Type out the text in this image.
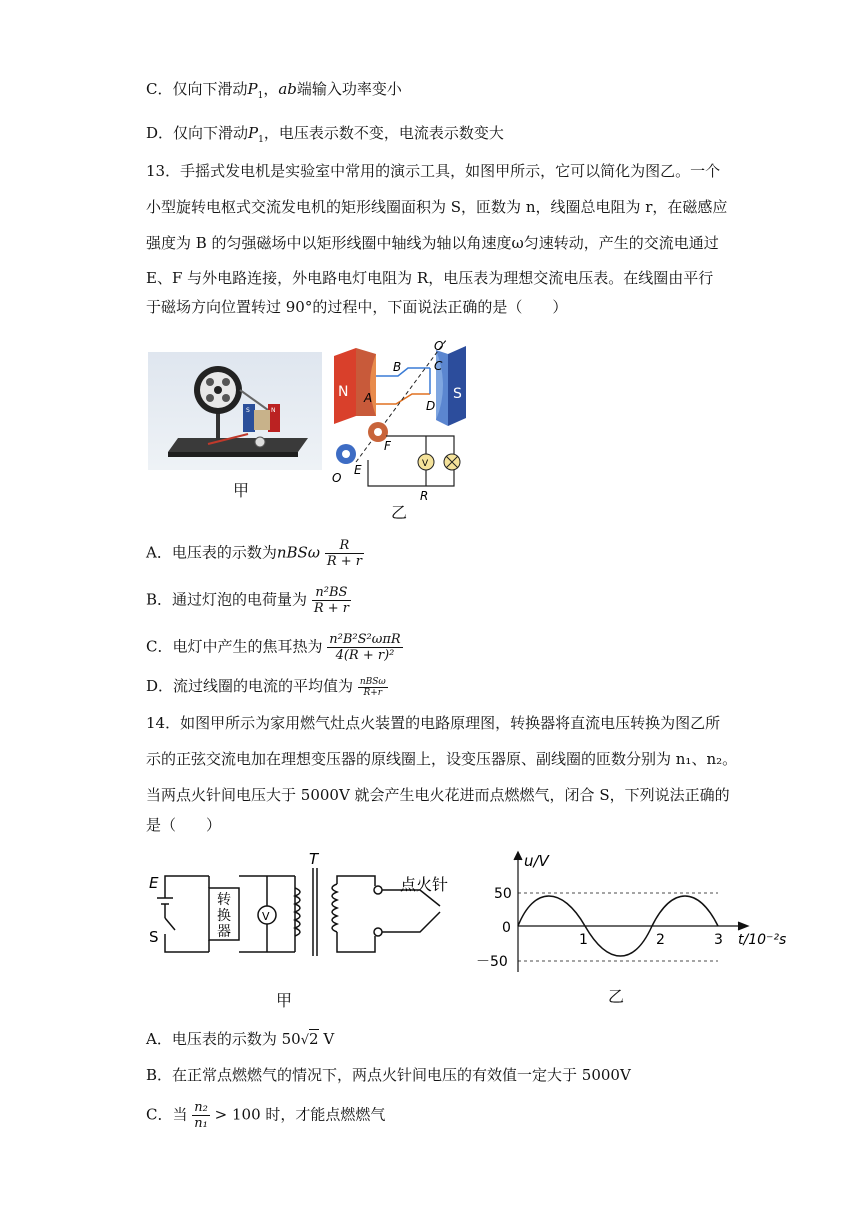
C．仅向下滑动$P_1$，ab端输入功率变小
D．仅向下滑动$P_1$，电压表示数不变，电流表示数变大
13．手摇式发电机是实验室中常用的演示工具，如图甲所示，它可以简化为图乙。一个
小型旋转电枢式交流发电机的矩形线圈面积为 S，匝数为 n，线圈总电阻为 r，在磁感应
强度为 B 的匀强磁场中以矩形线圈中轴线为轴以角速度ω匀速转动，产生的交流电通过
E、F 与外电路连接，外电路电灯电阻为 R，电压表为理想交流电压表。在线圈由平行
于磁场方向位置转过 90°的过程中，下面说法正确的是（　　）
S	N
甲
N	S
B	C
D
A
O′
F
E
O
V
R
乙
A．电压表的示数为nBSω $\frac{R}{R + r}$
B．通过灯泡的电荷量为 $\frac{\text{n²BS}}{R + r}$
C．电灯中产生的焦耳热为 $\frac{\text{n²B²S²ωπR}}{\text{4(R + r)²}}$
D．流过线圈的电流的平均值为 $\frac{\text{nBSω}}{R+r}$
14．如图甲所示为家用燃气灶点火装置的电路原理图，转换器将直流电压转换为图乙所
示的正弦交流电加在理想变压器的原线圈上，设变压器原、副线圈的匝数分别为 n₁、n₂。
当两点火针间电压大于 5000V 就会产生电火花进而点燃燃气，闭合 S，下列说法正确的
是（　　）
E
S
转
换
器
V
T
点火针
甲
u/V
50
0
－50
1	2	3 t/10⁻²s
乙
A．电压表的示数为 50√2 V
B．在正常点燃燃气的情况下，两点火针间电压的有效值一定大于 5000V
C．当 $\frac{\text{n₂}}{\text{n₁}} > 100$ 时，才能点燃燃气
